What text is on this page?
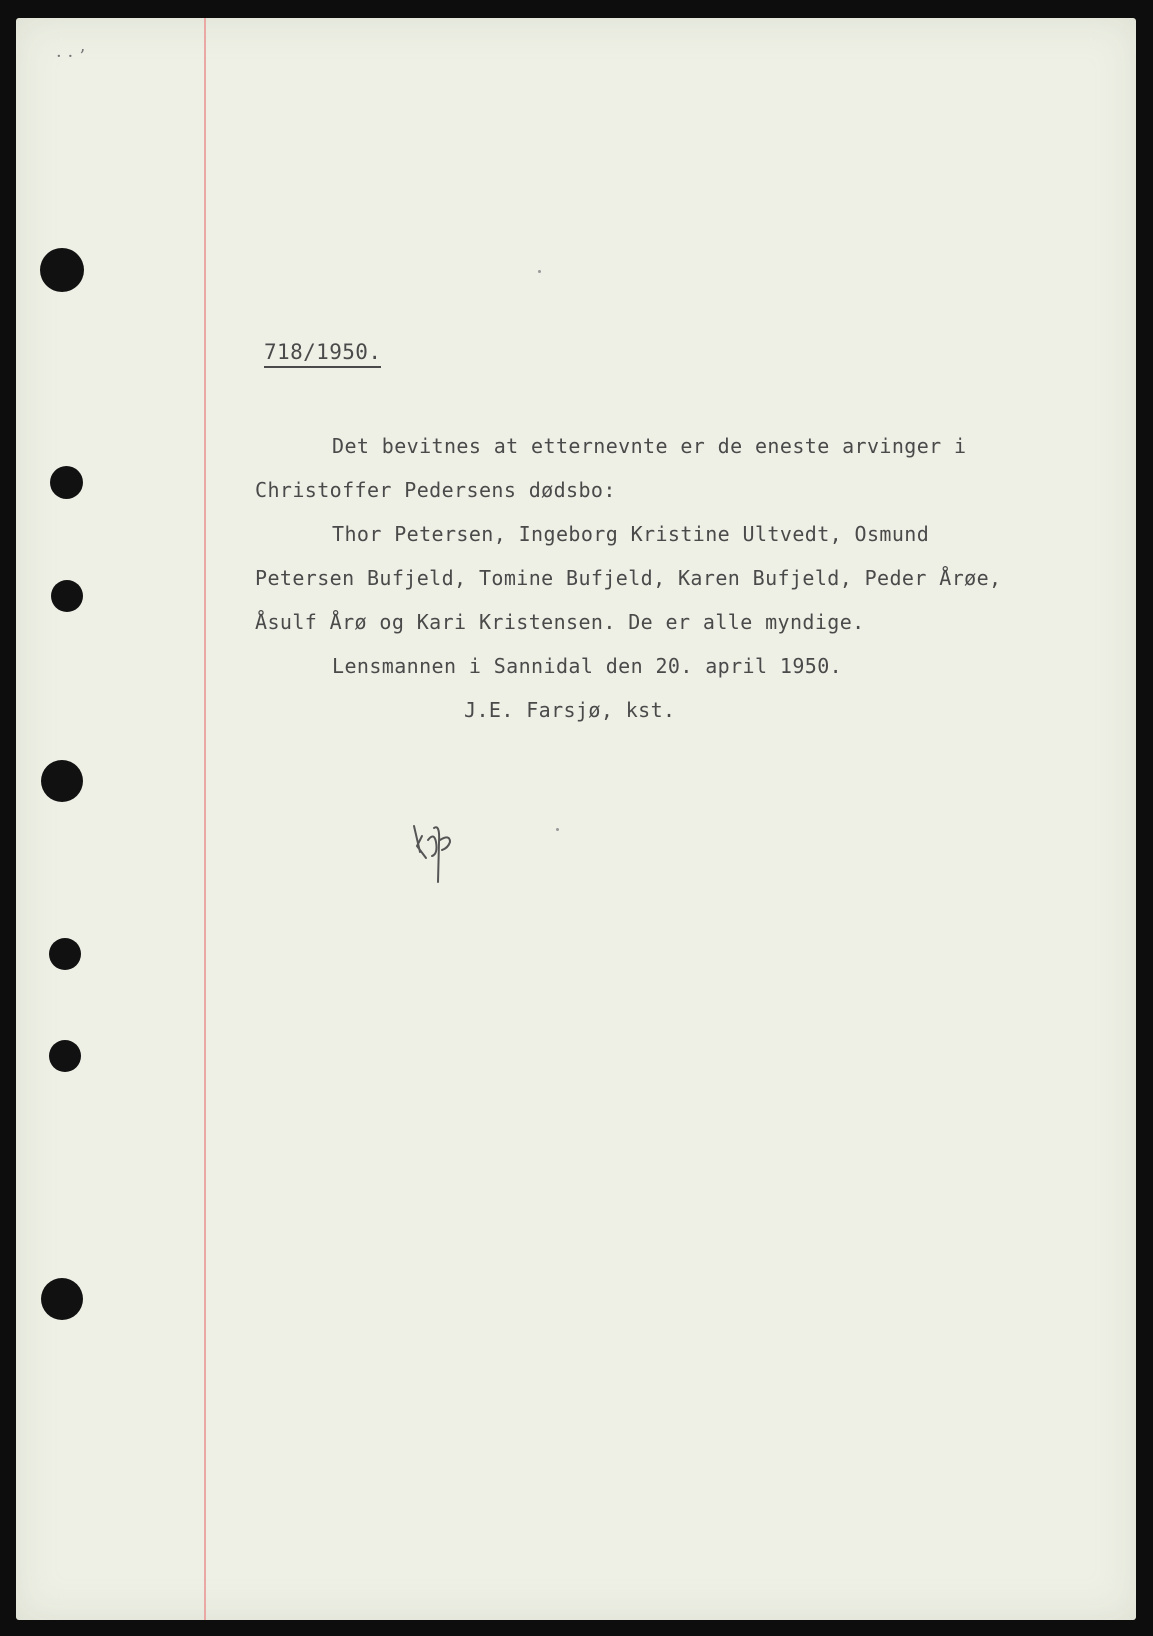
· · ʼ
718/1950.
Det bevitnes at etternevnte er de eneste arvinger i
Christoffer Pedersens dødsbo:
Thor Petersen, Ingeborg Kristine Ultvedt, Osmund
Petersen Bufjeld, Tomine Bufjeld, Karen Bufjeld, Peder Årøe,
Åsulf Årø og Kari Kristensen. De er alle myndige.
Lensmannen i Sannidal den 20. april 1950.
J.E. Farsjø, kst.
